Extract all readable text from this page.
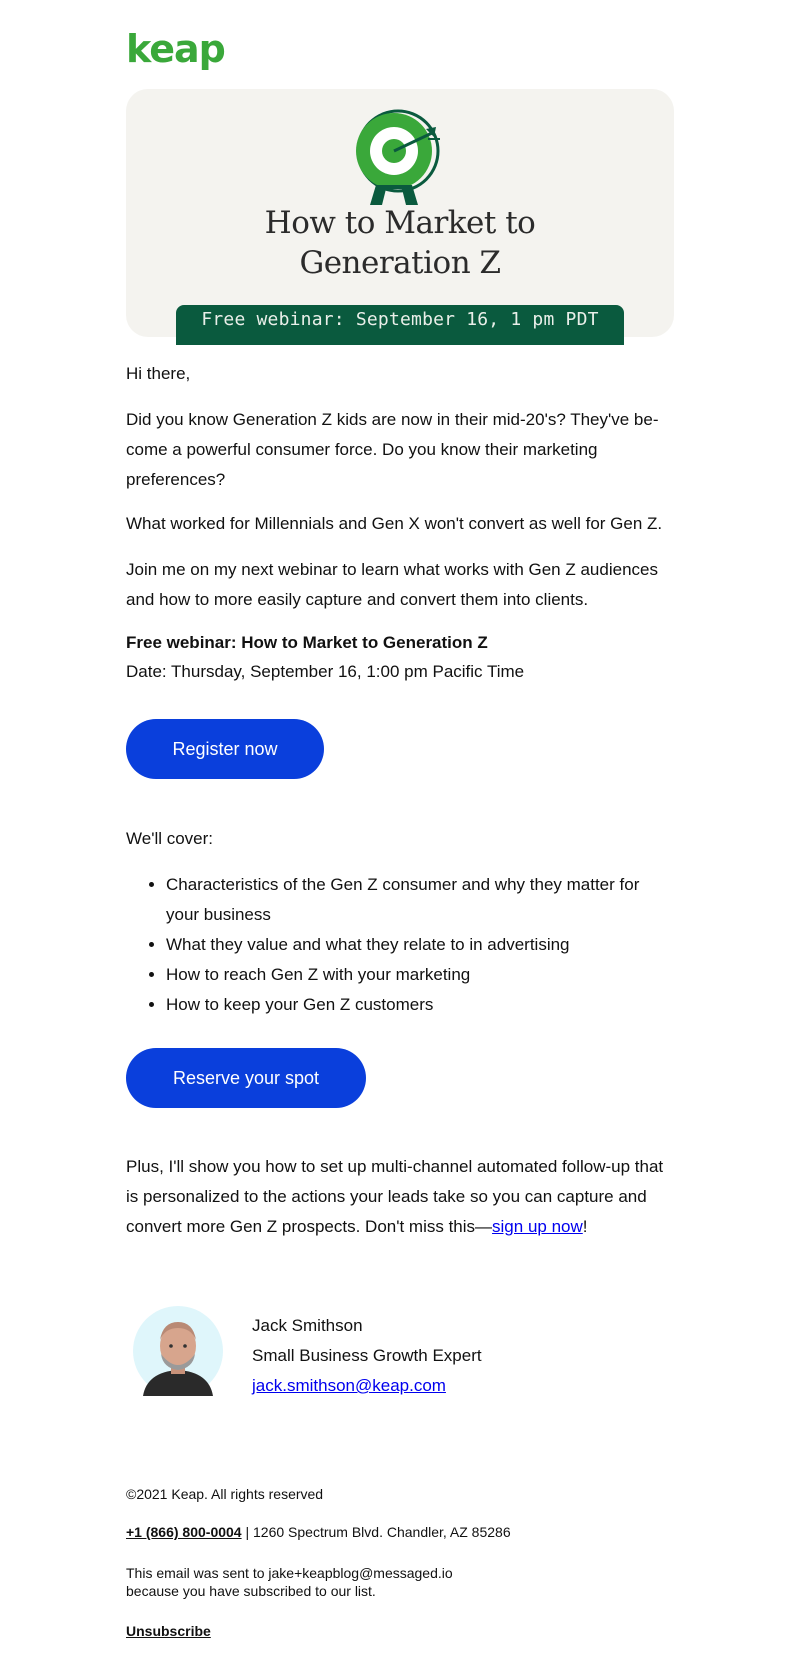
keap
How to Market to
Generation Z
Free webinar: September 16, 1 pm PDT

Hi there,

Did you know Generation Z kids are now in their mid-20's? They've be-come a powerful consumer force. Do you know their marketing preferences?

What worked for Millennials and Gen X won't convert as well for Gen Z.

Join me on my next webinar to learn what works with Gen Z audiences and how to more easily capture and convert them into clients.

Free webinar: How to Market to Generation Z

Date: Thursday, September 16, 1:00 pm Pacific Time

Register now

We'll cover:

• Characteristics of the Gen Z consumer and why they matter for your business
• What they value and what they relate to in advertising
• How to reach Gen Z with your marketing
• How to keep your Gen Z customers
Reserve your spot

Plus, I'll show you how to set up multi-channel automated follow-up that is personalized to the actions your leads take so you can capture and convert more Gen Z prospects. Don't miss this—sign up now!

Jack Smithson
Small Business Growth Expert
jack.smithson@keap.com
©2021 Keap. All rights reserved
+1 (866) 800-0004 | 1260 Spectrum Blvd. Chandler, AZ 85286
This email was sent to jake+keapblog@messaged.io
because you have subscribed to our list.
Unsubscribe
